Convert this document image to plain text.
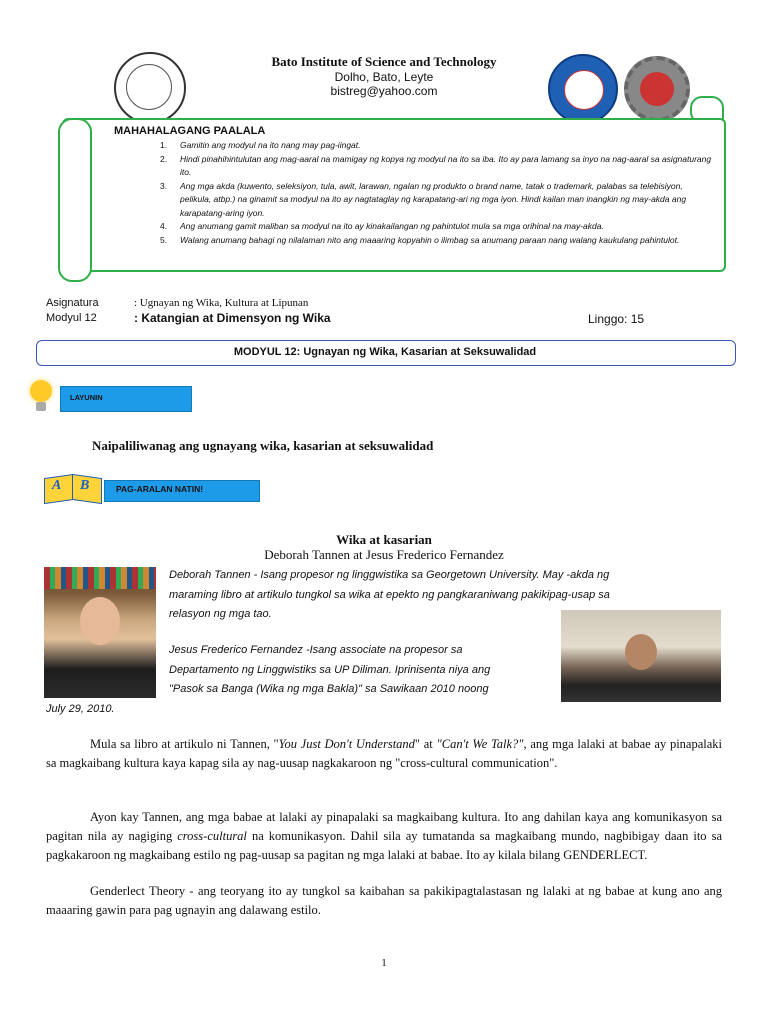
Bato Institute of Science and Technology
Dolho, Bato, Leyte
bistreg@yahoo.com
MAHAHALAGANG PAALALA
1. Gamitin ang modyul na ito nang may pag-iingat.
2. Hindi pinahihintulutan ang mag-aaral na mamigay ng kopya ng modyul na ito sa iba. Ito ay para lamang sa inyo na nag-aaral sa asignaturang ito.
3. Ang mga akda (kuwento, seleksiyon, tula, awit, larawan, ngalan ng produkto o brand name, tatak o trademark, palabas sa telebisiyon, pelikula, atbp.) na ginamit sa modyul na ito ay nagtataglay ng karapatang-ari ng mga iyon. Hindi kailan man inangkin ng may-akda ang karapatang-aring iyon.
4. Ang anumang gamit maliban sa modyul na ito ay kinakailangan ng pahintulot mula sa mga orihinal na may-akda.
5. Walang anumang bahagi ng nilalaman nito ang maaaring kopyahin o ilimbag sa anumang paraan nang walang kaukulang pahintulot.
Asignatura	: Ugnayan ng Wika, Kultura at Lipunan
Modyul 12	: Katangian at Dimensyon ng Wika	Linggo: 15
MODYUL 12: Ugnayan ng Wika, Kasarian at Seksuwalidad
LAYUNIN
Naipaliliwanag ang ugnayang wika, kasarian at seksuwalidad
A B	PAG-ARALAN NATIN!
Wika at kasarian
Deborah Tannen at Jesus Frederico Fernandez
Deborah Tannen - Isang propesor ng linggwistika sa Georgetown University. May -akda ng
maraming libro at artikulo tungkol sa wika at epekto ng pangkaraniwang pakikipag-usap sa
relasyon ng mga tao.
Jesus Frederico Fernandez -Isang associate na propesor sa
Departamento ng Linggwistiks sa UP Diliman. Iprinisenta niya ang
"Pasok sa Banga (Wika ng mga Bakla)" sa Sawikaan 2010 noong
July 29, 2010.
Mula sa libro at artikulo ni Tannen, "You Just Don't Understand" at "Can't We Talk?", ang mga lalaki at babae ay pinapalaki sa magkaibang kultura kaya kapag sila ay nag-uusap nagkakaroon ng "cross-cultural communication".
Ayon kay Tannen, ang mga babae at lalaki ay pinapalaki sa magkaibang kultura. Ito ang dahilan kaya ang komunikasyon sa pagitan nila ay nagiging cross-cultural na komunikasyon. Dahil sila ay tumatanda sa magkaibang mundo, nagbibigay daan ito sa pagkakaroon ng magkaibang estilo ng pag-uusap sa pagitan ng mga lalaki at babae. Ito ay kilala bilang GENDERLECT.
Genderlect Theory - ang teoryang ito ay tungkol sa kaibahan sa pakikipagtalastasan ng lalaki at ng babae at kung ano ang maaaring gawin para pag ugnayin ang dalawang estilo.
1
